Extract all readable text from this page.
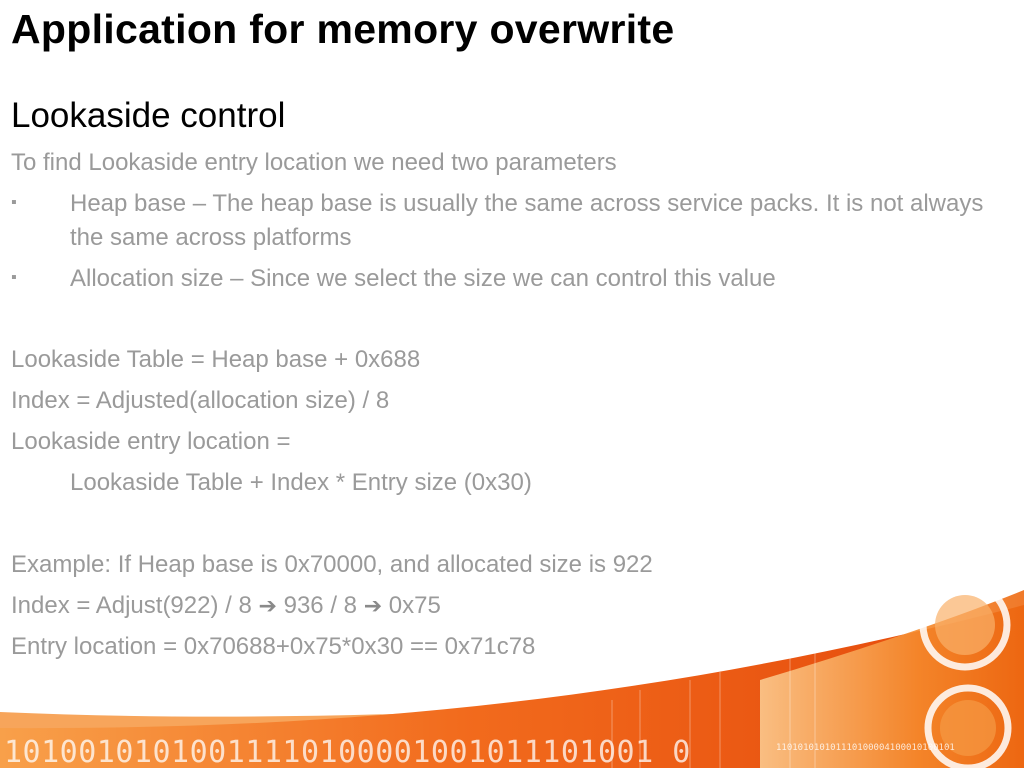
Application for memory overwrite
Lookaside control

To find Lookaside entry location we need two parameters

▪ Heap base – The heap base is usually the same across service packs. It is not always the same across platforms

▪ Allocation size – Since we select the size we can control this value

Lookaside Table = Heap base + 0x688

Index = Adjusted(allocation size) / 8

Lookaside entry location =

Lookaside Table + Index * Entry size (0x30)

Example: If Heap base is 0x70000, and allocated size is 922

Index = Adjust(922) / 8 ➔ 936 / 8 ➔ 0x75

Entry location = 0x70688+0x75*0x30 == 0x71c78

10100101010011110100001001011101001 0	110101010101110100004100010100101
